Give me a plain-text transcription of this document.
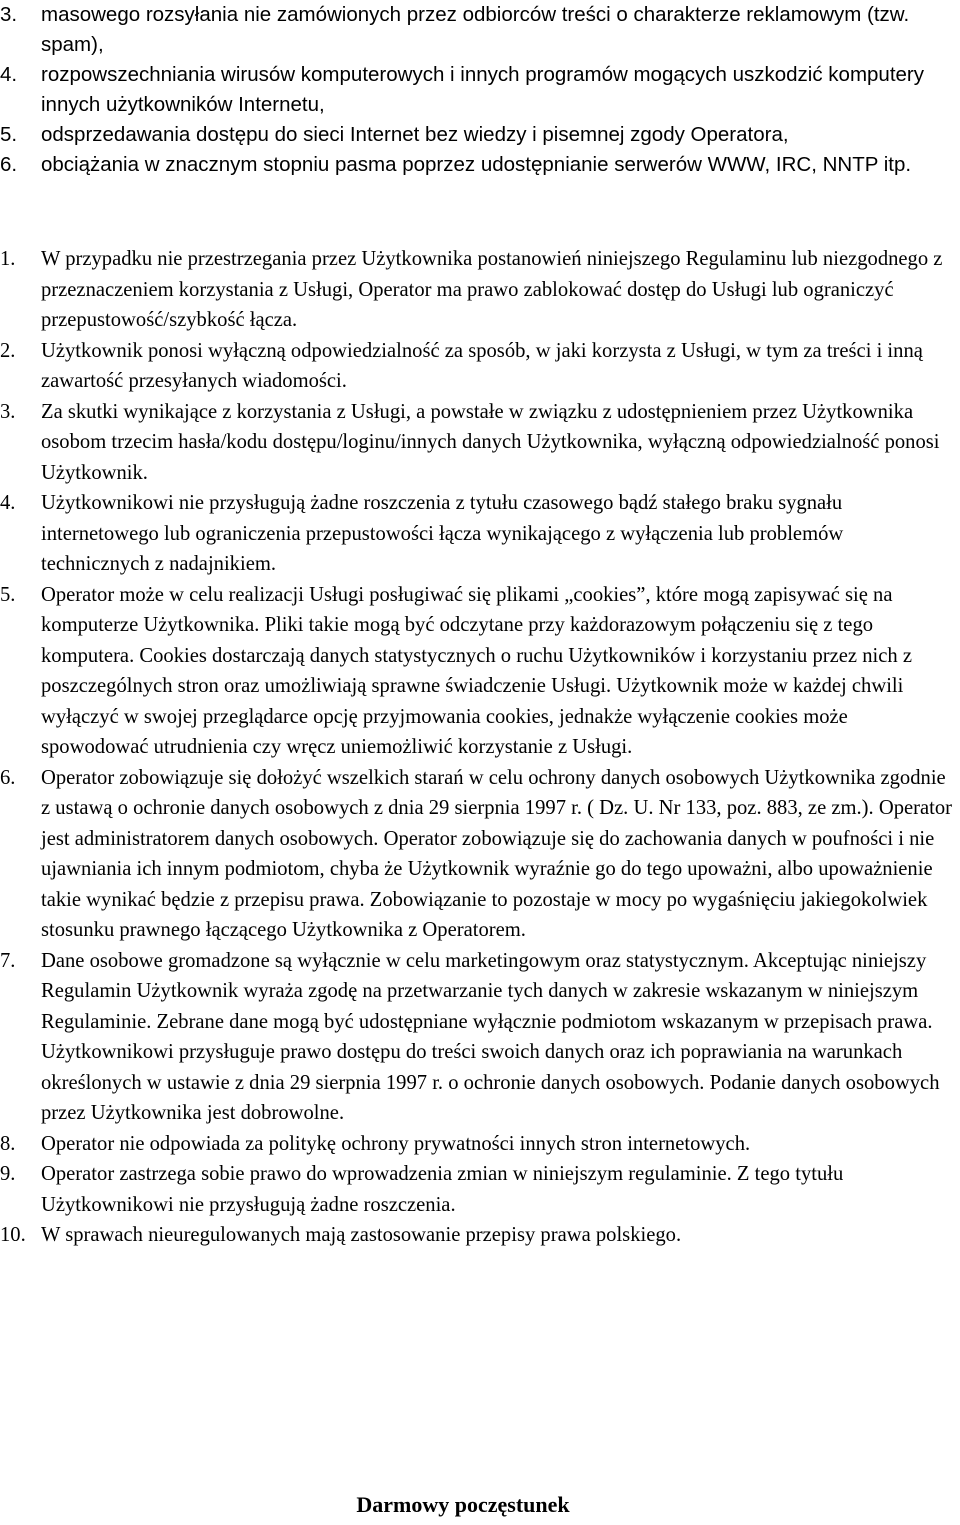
3. masowego rozsyłania nie zamówionych przez odbiorców treści o charakterze reklamowym (tzw. spam),
4. rozpowszechniania wirusów komputerowych i innych programów mogących uszkodzić komputery innych użytkowników Internetu,
5. odsprzedawania dostępu do sieci Internet bez wiedzy i pisemnej zgody Operatora,
6. obciążania w znacznym stopniu pasma poprzez udostępnianie serwerów WWW, IRC, NNTP itp.
1. W przypadku nie przestrzegania przez Użytkownika postanowień niniejszego Regulaminu lub niezgodnego z przeznaczeniem korzystania z Usługi, Operator ma prawo zablokować dostęp do Usługi lub ograniczyć przepustowość/szybkość łącza.
2. Użytkownik ponosi wyłączną odpowiedzialność za sposób, w jaki korzysta z Usługi, w tym za treści i inną zawartość przesyłanych wiadomości.
3. Za skutki wynikające z korzystania z Usługi, a powstałe w związku z udostępnieniem przez Użytkownika osobom trzecim hasła/kodu dostępu/loginu/innych danych Użytkownika, wyłączną odpowiedzialność ponosi Użytkownik.
4. Użytkownikowi nie przysługują żadne roszczenia z tytułu czasowego bądź stałego braku sygnału internetowego lub ograniczenia przepustowości łącza wynikającego z wyłączenia lub problemów technicznych z nadajnikiem.
5. Operator może w celu realizacji Usługi posługiwać się plikami „cookies”, które mogą zapisywać się na komputerze Użytkownika. Pliki takie mogą być odczytane przy każdorazowym połączeniu się z tego komputera. Cookies dostarczają danych statystycznych o ruchu Użytkowników i korzystaniu przez nich z poszczególnych stron oraz umożliwiają sprawne świadczenie Usługi. Użytkownik może w każdej chwili wyłączyć w swojej przeglądarce opcję przyjmowania cookies, jednakże wyłączenie cookies może spowodować utrudnienia czy wręcz uniemożliwić korzystanie z Usługi.
6. Operator zobowiązuje się dołożyć wszelkich starań w celu ochrony danych osobowych Użytkownika zgodnie z ustawą o ochronie danych osobowych z dnia 29 sierpnia 1997 r. ( Dz. U. Nr 133, poz. 883, ze zm.). Operator jest administratorem danych osobowych. Operator zobowiązuje się do zachowania danych w poufności i nie ujawniania ich innym podmiotom, chyba że Użytkownik wyraźnie go do tego upoważni, albo upoważnienie takie wynikać będzie z przepisu prawa. Zobowiązanie to pozostaje w mocy po wygaśnięciu jakiegokolwiek stosunku prawnego łączącego Użytkownika z Operatorem.
7. Dane osobowe gromadzone są wyłącznie w celu marketingowym oraz statystycznym. Akceptując niniejszy Regulamin Użytkownik wyraża zgodę na przetwarzanie tych danych w zakresie wskazanym w niniejszym Regulaminie. Zebrane dane mogą być udostępniane wyłącznie podmiotom wskazanym w przepisach prawa. Użytkownikowi przysługuje prawo dostępu do treści swoich danych oraz ich poprawiania na warunkach określonych w ustawie z dnia 29 sierpnia 1997 r. o ochronie danych osobowych. Podanie danych osobowych przez Użytkownika jest dobrowolne.
8. Operator nie odpowiada za politykę ochrony prywatności innych stron internetowych.
9. Operator zastrzega sobie prawo do wprowadzenia zmian w niniejszym regulaminie. Z tego tytułu Użytkownikowi nie przysługują żadne roszczenia.
10. W sprawach nieuregulowanych mają zastosowanie przepisy prawa polskiego.
Darmowy poczęstunek
